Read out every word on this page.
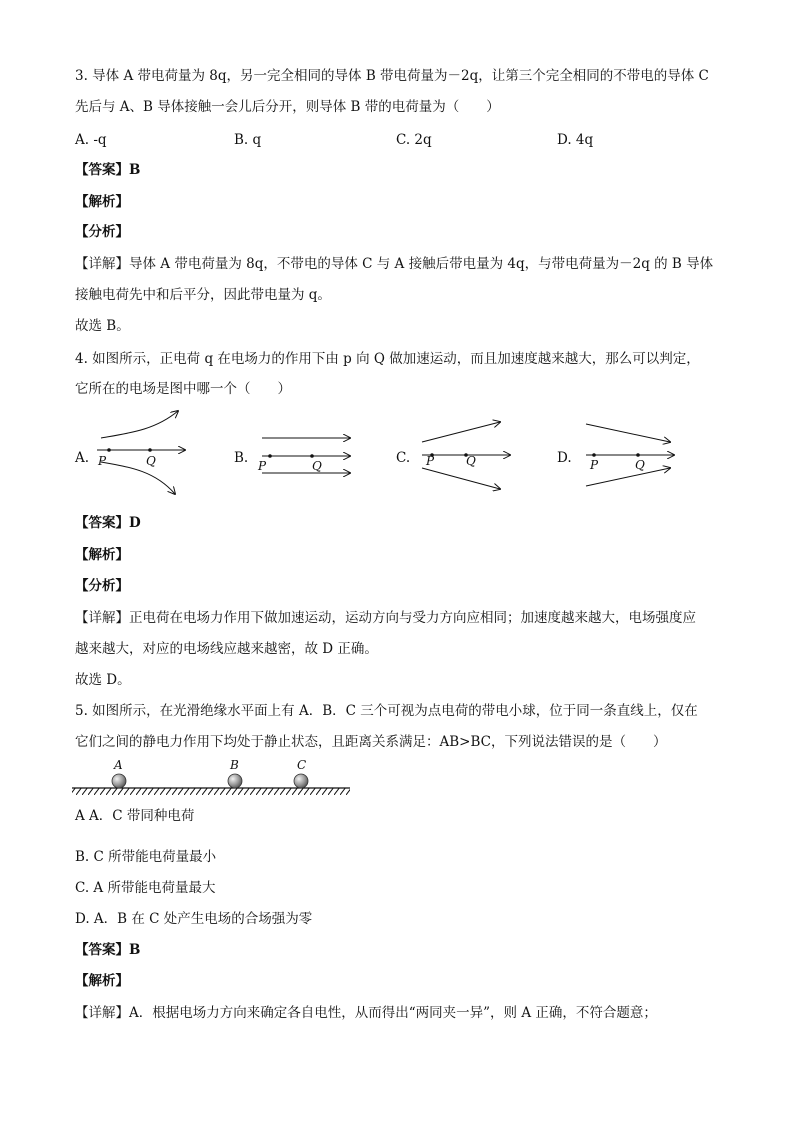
3. 导体 A 带电荷量为 8q，另一完全相同的导体 B 带电荷量为－2q，让第三个完全相同的不带电的导体 C
先后与 A、B 导体接触一会儿后分开，则导体 B 带的电荷量为（　　）
A. -q	B. q	C. 2q	D. 4q
【答案】B
【解析】
【分析】
【详解】导体 A 带电荷量为 8q，不带电的导体 C 与 A 接触后带电量为 4q，与带电荷量为－2q 的 B 导体
接触电荷先中和后平分，因此带电量为 q。
故选 B。
4. 如图所示，正电荷 q 在电场力的作用下由 p 向 Q 做加速运动，而且加速度越来越大，那么可以判定，
它所在的电场是图中哪一个（　　）
A.	B.	C.	D.
P	Q	P	Q	P	Q	P	Q
【答案】D
【解析】
【分析】
【详解】正电荷在电场力作用下做加速运动，运动方向与受力方向应相同；加速度越来越大，电场强度应
越来越大，对应的电场线应越来越密，故 D 正确。
故选 D。
5. 如图所示，在光滑绝缘水平面上有 A．B．C 三个可视为点电荷的带电小球，位于同一条直线上，仅在
它们之间的静电力作用下均处于静止状态，且距离关系满足：AB>BC，下列说法错误的是（　　）
A	B	C
A A．C 带同种电荷
B. C 所带能电荷量最小
C. A 所带能电荷量最大
D. A．B 在 C 处产生电场的合场强为零
【答案】B
【解析】
【详解】A．根据电场力方向来确定各自电性，从而得出“两同夹一异”，则 A 正确，不符合题意；
